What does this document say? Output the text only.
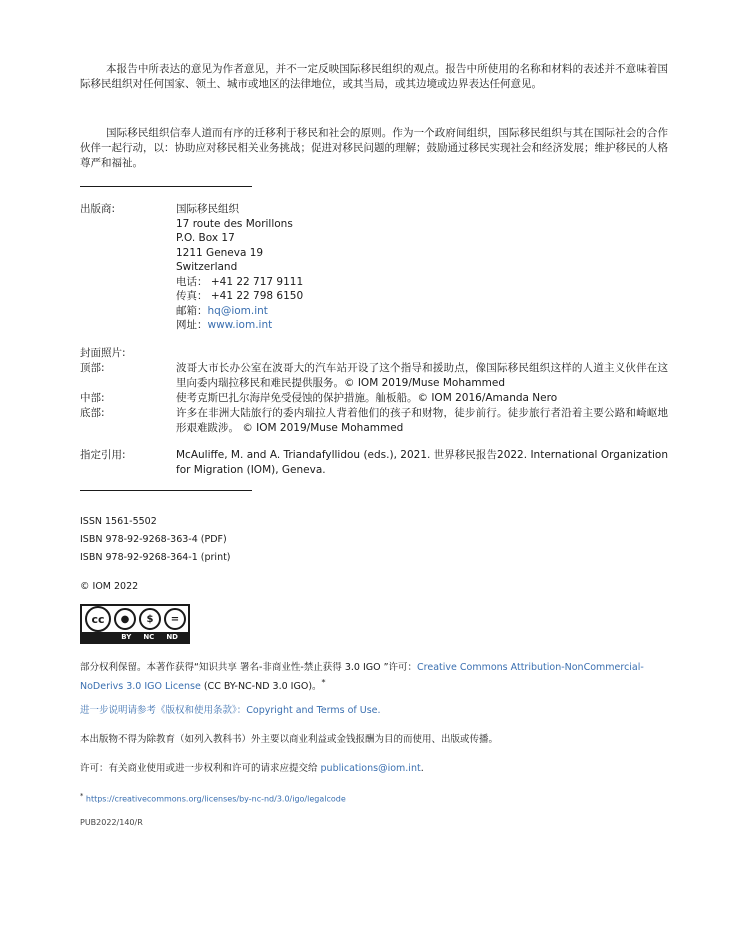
本报告中所表达的意见为作者意见，并不一定反映国际移民组织的观点。报告中所使用的名称和材料的表述并不意味着国际移民组织对任何国家、领土、城市或地区的法律地位，或其当局，或其边境或边界表达任何意见。

国际移民组织信奉人道而有序的迁移利于移民和社会的原则。作为一个政府间组织，国际移民组织与其在国际社会的合作伙伴一起行动，以：协助应对移民相关业务挑战；促进对移民问题的理解；鼓励通过移民实现社会和经济发展；维护移民的人格尊严和福祉。

出版商:	国际移民组织
17 route des Morillons
P.O. Box 17
1211 Geneva 19
Switzerland
电话： +41 22 717 9111
传真： +41 22 798 6150
邮箱：hq@iom.int
网址：www.iom.int
封面照片:
顶部:	波哥大市长办公室在波哥大的汽车站开设了这个指导和援助点，像国际移民组织这样的人道主义伙伴在这里向委内瑞拉移民和难民提供服务。© IOM 2019/Muse Mohammed
中部:	使考克斯巴扎尔海岸免受侵蚀的保护措施。舢板船。© IOM 2016/Amanda Nero
底部:	许多在非洲大陆旅行的委内瑞拉人背着他们的孩子和财物，徒步前行。徒步旅行者沿着主要公路和崎岖地形艰难跋涉。 © IOM 2019/Muse Mohammed
指定引用:	McAuliffe, M. and A. Triandafyllidou (eds.), 2021. 世界移民报告2022. International Organization for Migration (IOM), Geneva.
ISSN 1561-5502
ISBN 978-92-9268-363-4 (PDF)
ISBN 978-92-9268-364-1 (print)
© IOM 2022
cc	●	$	=
BY NC ND
部分权利保留。本著作获得“知识共享 署名-非商业性-禁止获得 3.0 IGO ”许可：Creative Commons Attribution-NonCommercial-NoDerivs 3.0 IGO License (CC BY-NC-ND 3.0 IGO)。*
进一步说明请参考《版权和使用条款》：Copyright and Terms of Use.
本出版物不得为除教育（如列入教科书）外主要以商业利益或金钱报酬为目的而使用、出版或传播。
许可：有关商业使用或进一步权利和许可的请求应提交给 publications@iom.int.
* https://creativecommons.org/licenses/by-nc-nd/3.0/igo/legalcode
PUB2022/140/R
